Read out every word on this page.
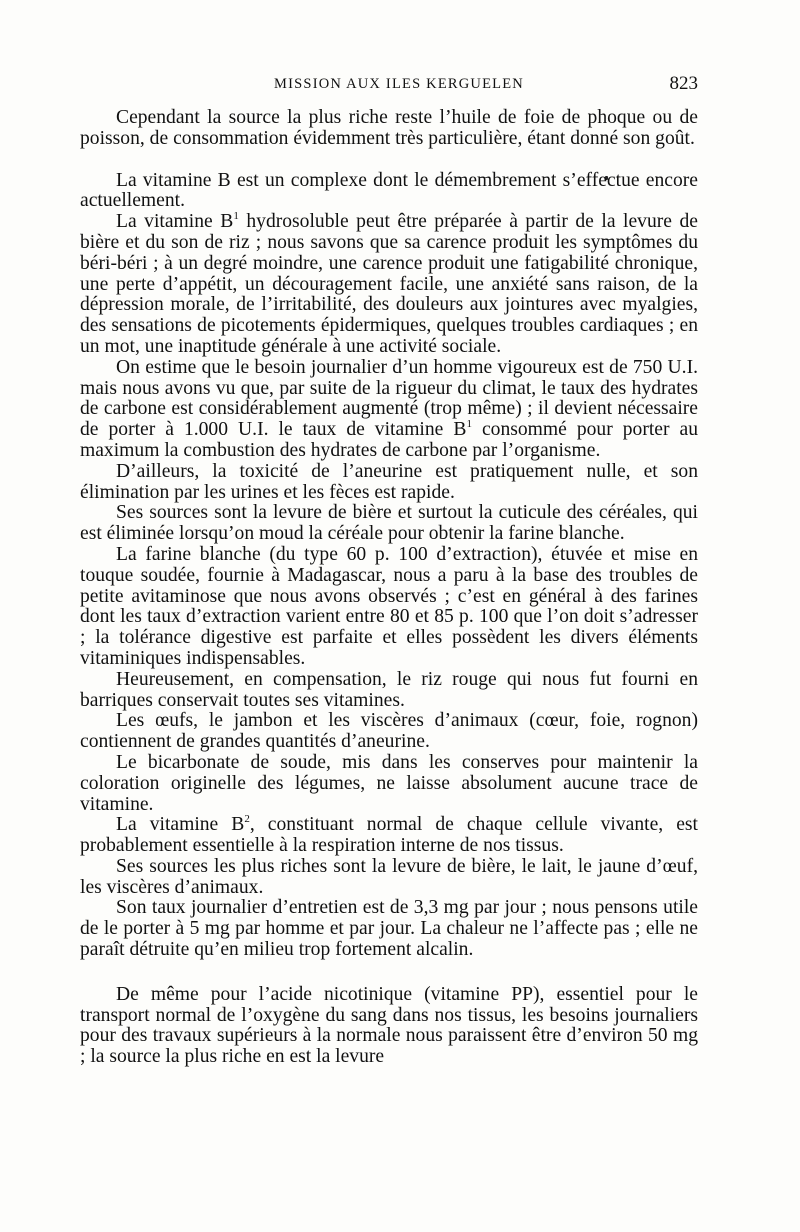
MISSION AUX ILES KERGUELEN	823

Cependant la source la plus riche reste l’huile de foie de phoque ou de poisson, de consommation évidemment très particulière, étant donné son goût.

La vitamine B est un complexe dont le démembrement s’effectue encore actuellement.

La vitamine $B^1$ hydrosoluble peut être préparée à partir de la levure de bière et du son de riz ; nous savons que sa carence produit les symptômes du béri-béri ; à un degré moindre, une carence produit une fatigabilité chronique, une perte d’appétit, un découragement facile, une anxiété sans raison, de la dépression morale, de l’irritabilité, des douleurs aux jointures avec myalgies, des sensations de picotements épidermiques, quelques troubles cardiaques ; en un mot, une inaptitude générale à une activité sociale.

On estime que le besoin journalier d’un homme vigoureux est de 750 U.I. mais nous avons vu que, par suite de la rigueur du climat, le taux des hydrates de carbone est considérablement augmenté (trop même) ; il devient nécessaire de porter à 1.000 U.I. le taux de vitamine $B^1$ consommé pour porter au maximum la combustion des hydrates de carbone par l’organisme.

D’ailleurs, la toxicité de l’aneurine est pratiquement nulle, et son élimination par les urines et les fèces est rapide.

Ses sources sont la levure de bière et surtout la cuticule des céréales, qui est éliminée lorsqu’on moud la céréale pour obtenir la farine blanche.

La farine blanche (du type 60 p. 100 d’extraction), étuvée et mise en touque soudée, fournie à Madagascar, nous a paru à la base des troubles de petite avitaminose que nous avons observés ; c’est en général à des farines dont les taux d’extraction varient entre 80 et 85 p. 100 que l’on doit s’adresser ; la tolérance digestive est parfaite et elles possèdent les divers éléments vitaminiques indispensables.

Heureusement, en compensation, le riz rouge qui nous fut fourni en barriques conservait toutes ses vitamines.

Les œufs, le jambon et les viscères d’animaux (cœur, foie, rognon) contiennent de grandes quantités d’aneurine.

Le bicarbonate de soude, mis dans les conserves pour maintenir la coloration originelle des légumes, ne laisse absolument aucune trace de vitamine.

La vitamine $B^2$, constituant normal de chaque cellule vivante, est probablement essentielle à la respiration interne de nos tissus.

Ses sources les plus riches sont la levure de bière, le lait, le jaune d’œuf, les viscères d’animaux.

Son taux journalier d’entretien est de 3,3 mg par jour ; nous pensons utile de le porter à 5 mg par homme et par jour. La chaleur ne l’affecte pas ; elle ne paraît détruite qu’en milieu trop fortement alcalin.

De même pour l’acide nicotinique (vitamine PP), essentiel pour le transport normal de l’oxygène du sang dans nos tissus, les besoins journaliers pour des travaux supérieurs à la normale nous paraissent être d’environ 50 mg ; la source la plus riche en est la levure
